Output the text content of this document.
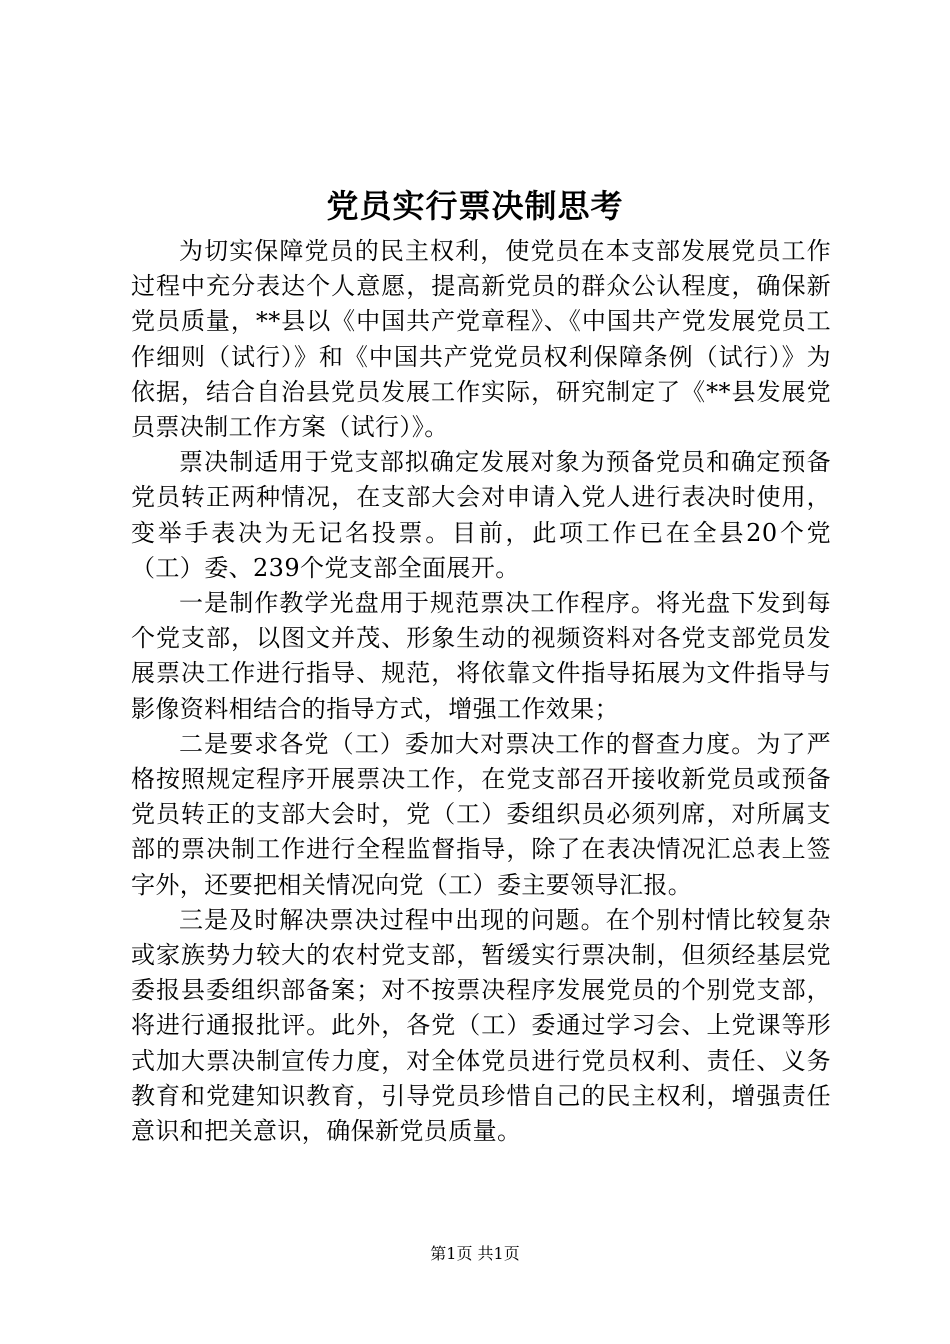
党员实行票决制思考

为切实保障党员的民主权利，使党员在本支部发展党员工作过程中充分表达个人意愿，提高新党员的群众公认程度，确保新党员质量，**县以《中国共产党章程》、《中国共产党发展党员工作细则（试行）》和《中国共产党党员权利保障条例（试行）》为依据，结合自治县党员发展工作实际，研究制定了《**县发展党员票决制工作方案（试行）》。

票决制适用于党支部拟确定发展对象为预备党员和确定预备党员转正两种情况，在支部大会对申请入党人进行表决时使用，变举手表决为无记名投票。目前，此项工作已在全县20个党（工）委、239个党支部全面展开。

一是制作教学光盘用于规范票决工作程序。将光盘下发到每个党支部，以图文并茂、形象生动的视频资料对各党支部党员发展票决工作进行指导、规范，将依靠文件指导拓展为文件指导与影像资料相结合的指导方式，增强工作效果；

二是要求各党（工）委加大对票决工作的督查力度。为了严格按照规定程序开展票决工作，在党支部召开接收新党员或预备党员转正的支部大会时，党（工）委组织员必须列席，对所属支部的票决制工作进行全程监督指导，除了在表决情况汇总表上签字外，还要把相关情况向党（工）委主要领导汇报。

三是及时解决票决过程中出现的问题。在个别村情比较复杂或家族势力较大的农村党支部，暂缓实行票决制，但须经基层党委报县委组织部备案；对不按票决程序发展党员的个别党支部，将进行通报批评。此外，各党（工）委通过学习会、上党课等形式加大票决制宣传力度，对全体党员进行党员权利、责任、义务教育和党建知识教育，引导党员珍惜自己的民主权利，增强责任意识和把关意识，确保新党员质量。

第1页 共1页
